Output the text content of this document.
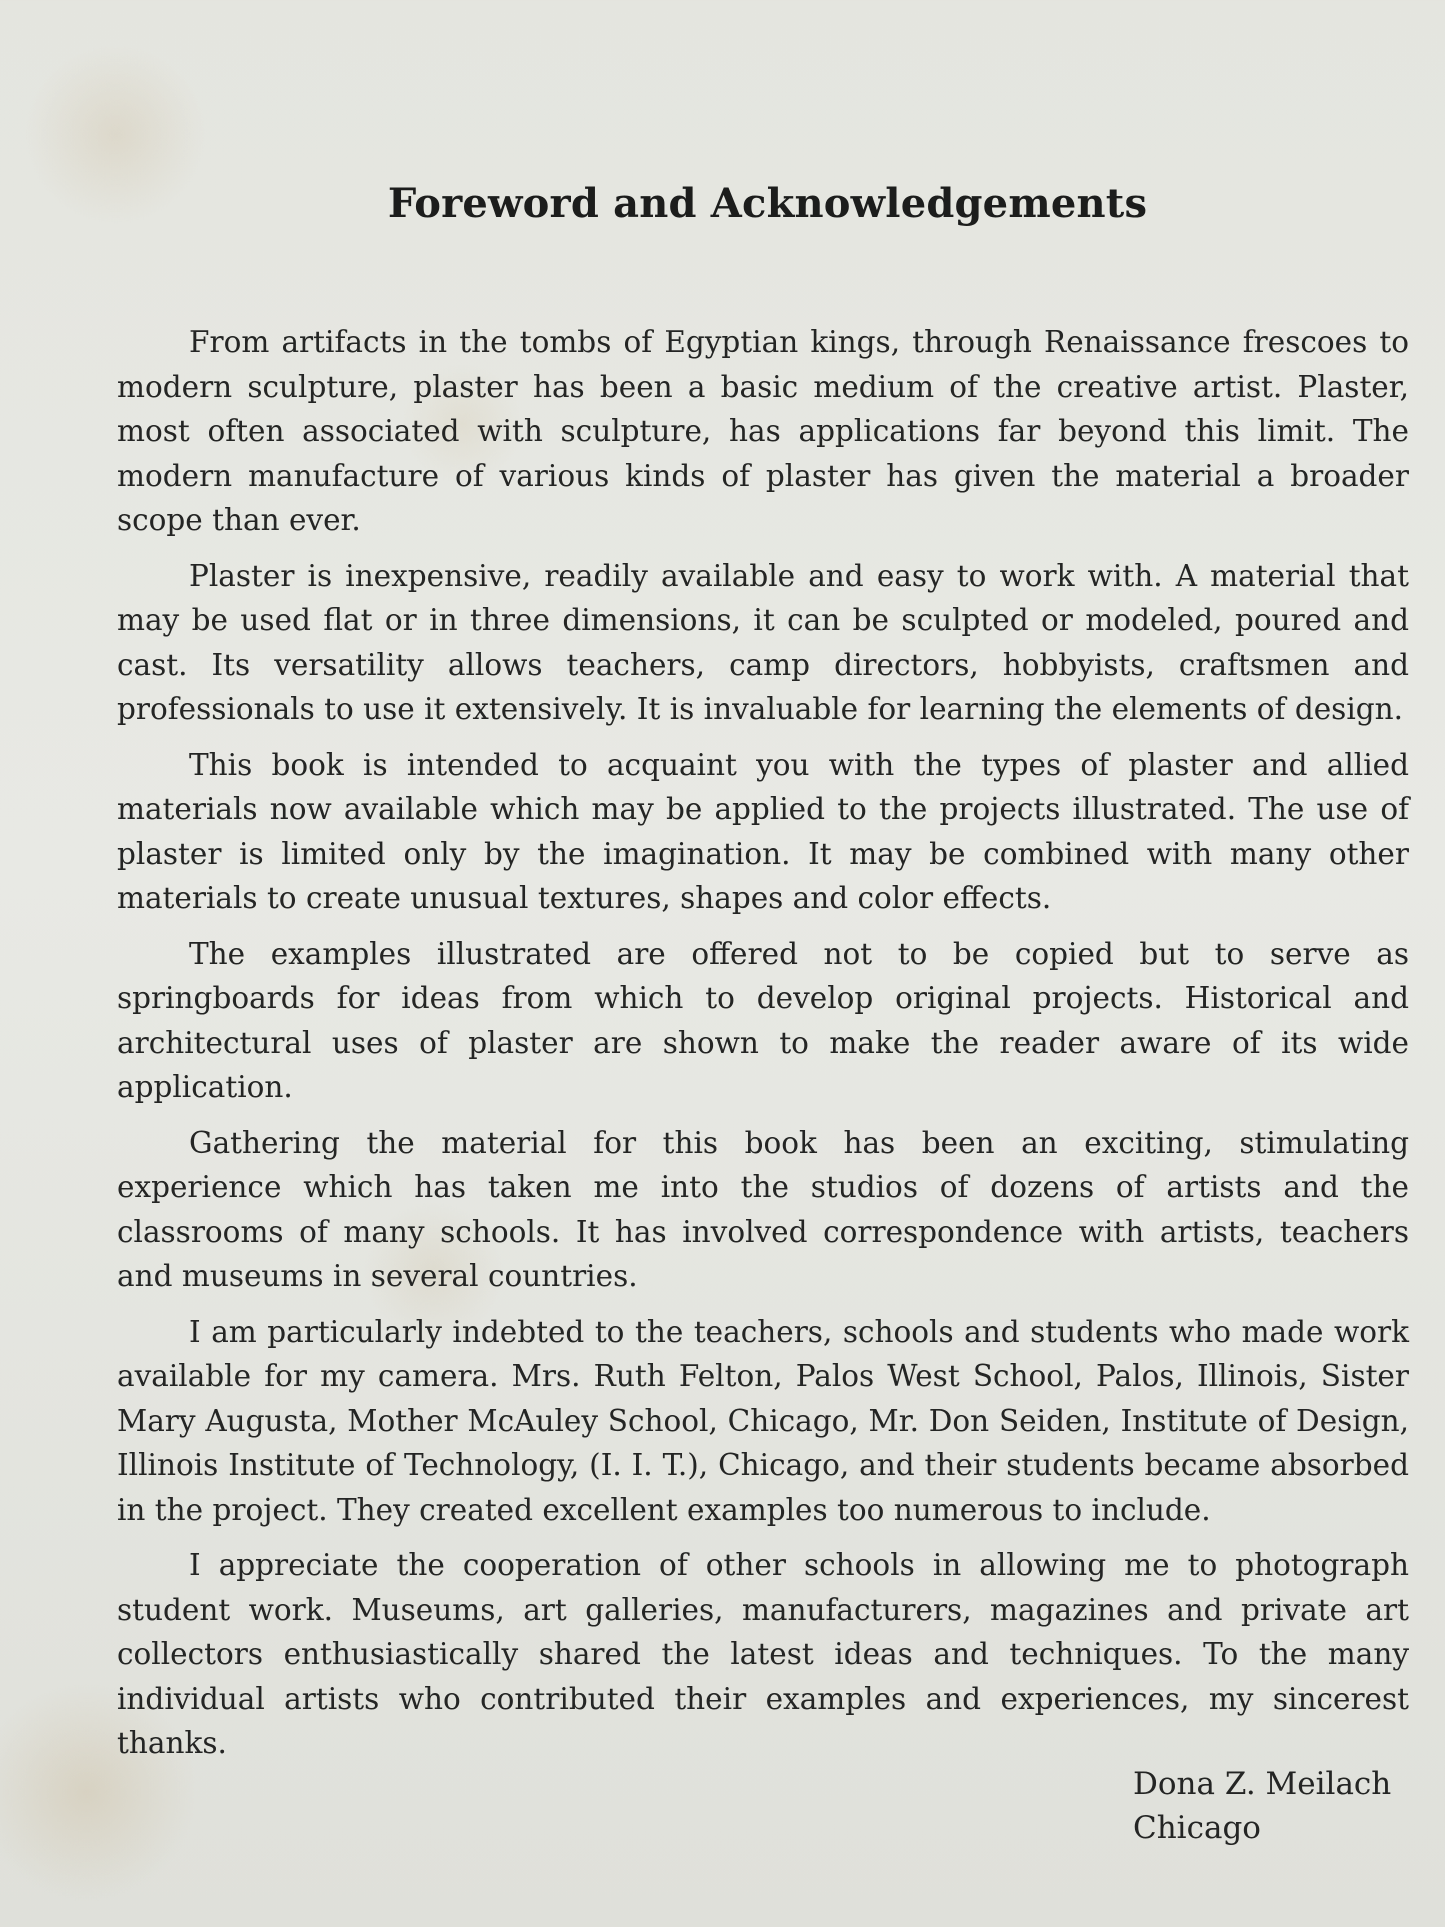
Foreword and Acknowledgements

From artifacts in the tombs of Egyptian kings, through Renaissance frescoes to modern sculpture, plaster has been a basic medium of the creative artist. Plaster, most often associated with sculpture, has applications far beyond this limit. The modern manufacture of various kinds of plaster has given the material a broader scope than ever.

Plaster is inexpensive, readily available and easy to work with. A material that may be used flat or in three dimensions, it can be sculpted or modeled, poured and cast. Its versatility allows teachers, camp directors, hobbyists, craftsmen and professionals to use it extensively. It is invaluable for learning the elements of design.

This book is intended to acquaint you with the types of plaster and allied materials now available which may be applied to the projects illustrated. The use of plaster is limited only by the imagination. It may be combined with many other materials to create unusual textures, shapes and color effects.

The examples illustrated are offered not to be copied but to serve as springboards for ideas from which to develop original projects. Historical and architectural uses of plaster are shown to make the reader aware of its wide application.

Gathering the material for this book has been an exciting, stimulating experience which has taken me into the studios of dozens of artists and the classrooms of many schools. It has involved correspondence with artists, teachers and museums in several countries.

I am particularly indebted to the teachers, schools and students who made work available for my camera. Mrs. Ruth Felton, Palos West School, Palos, Illinois, Sister Mary Augusta, Mother McAuley School, Chicago, Mr. Don Seiden, Institute of Design, Illinois Institute of Technology, (I. I. T.), Chicago, and their students became absorbed in the project. They created excellent examples too numerous to include.

I appreciate the cooperation of other schools in allowing me to photograph student work. Museums, art galleries, manufacturers, magazines and private art collectors enthusiastically shared the latest ideas and techniques. To the many individual artists who contributed their examples and experiences, my sincerest thanks.

Dona Z. Meilach
Chicago
